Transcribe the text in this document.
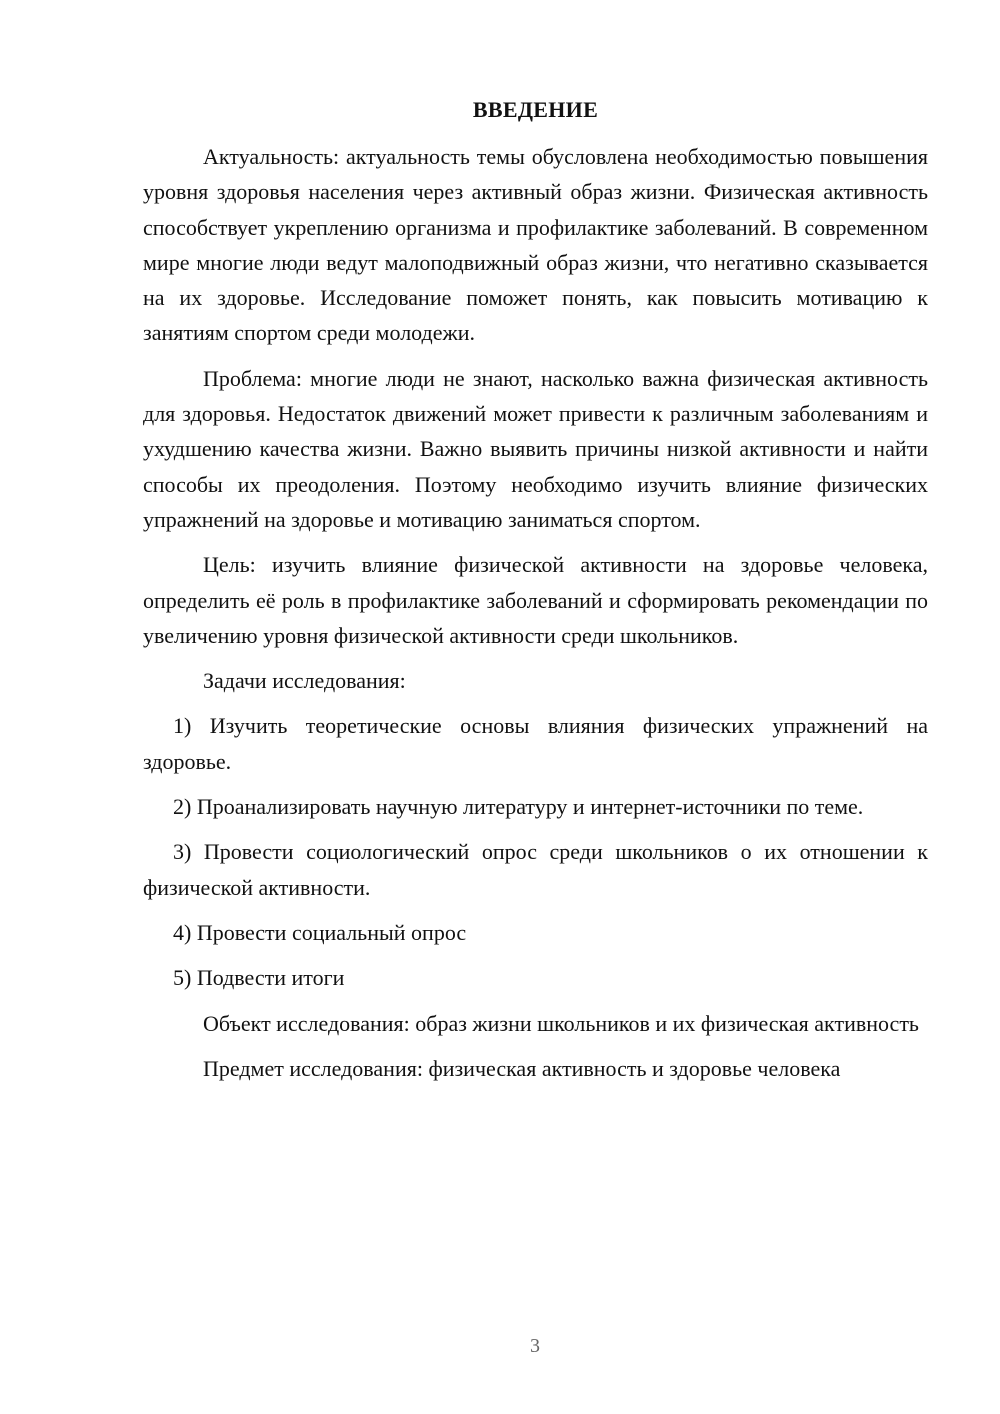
ВВЕДЕНИЕ

Актуальность: актуальность темы обусловлена необходимостью повышения уровня здоровья населения через активный образ жизни. Физическая активность способствует укреплению организма и профилактике заболеваний. В современном мире многие люди ведут малоподвижный образ жизни, что негативно сказывается на их здоровье. Исследование поможет понять, как повысить мотивацию к занятиям спортом среди молодежи.

Проблема: многие люди не знают, насколько важна физическая активность для здоровья. Недостаток движений может привести к различным заболеваниям и ухудшению качества жизни. Важно выявить причины низкой активности и найти способы их преодоления. Поэтому необходимо изучить влияние физических упражнений на здоровье и мотивацию заниматься спортом.

Цель: изучить влияние физической активности на здоровье человека, определить её роль в профилактике заболеваний и сформировать рекомендации по увеличению уровня физической активности среди школьников.

Задачи исследования:

1) Изучить теоретические основы влияния физических упражнений на здоровье.

2) Проанализировать научную литературу и интернет-источники по теме.

3) Провести социологический опрос среди школьников о их отношении к физической активности.

4) Провести социальный опрос

5) Подвести итоги

Объект исследования: образ жизни школьников и их физическая активность

Предмет исследования: физическая активность и здоровье человека

3
